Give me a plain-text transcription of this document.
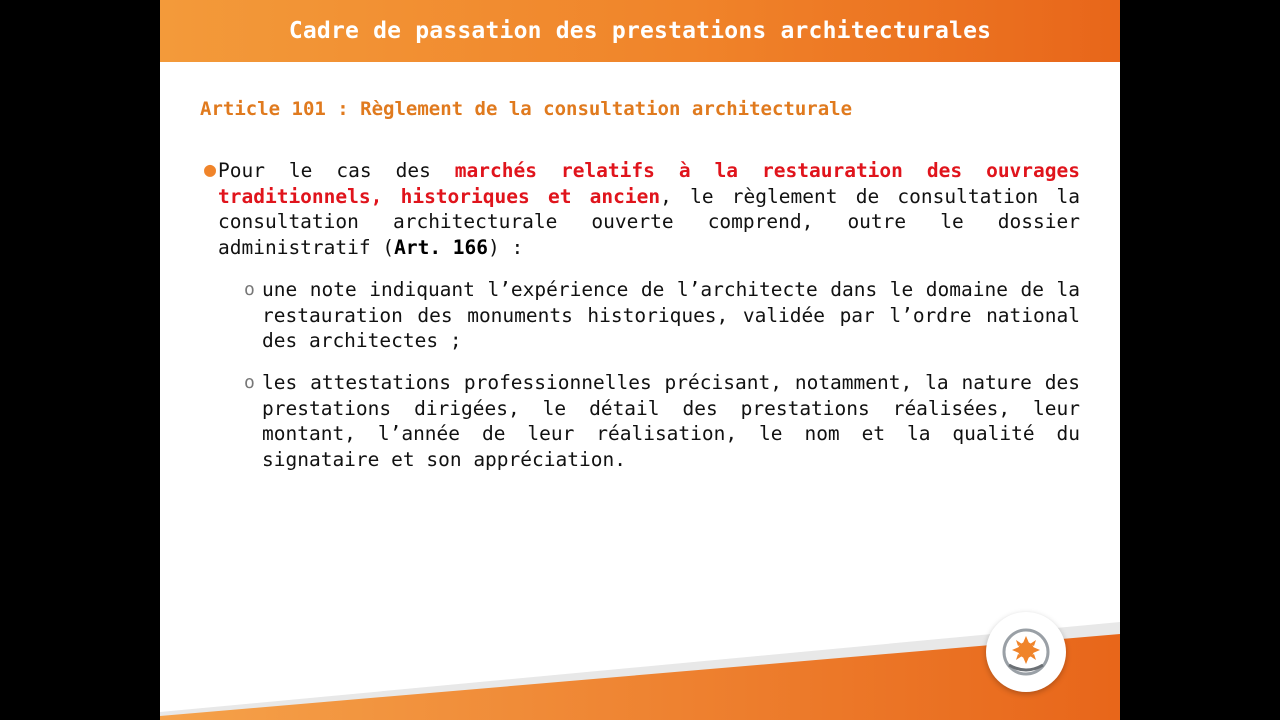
Cadre de passation des prestations architecturales
Article 101 : Règlement de la consultation architecturale
● Pour le cas des marchés relatifs à la restauration des ouvrages traditionnels, historiques et ancien, le règlement de consultation la consultation architecturale ouverte comprend, outre le dossier administratif (Art. 166) :
o une note indiquant l’expérience de l’architecte dans le domaine de la restauration des monuments historiques, validée par l’ordre national des architectes ;
o les attestations professionnelles précisant, notamment, la nature des prestations dirigées, le détail des prestations réalisées, leur montant, l’année de leur réalisation, le nom et la qualité du signataire et son appréciation.
